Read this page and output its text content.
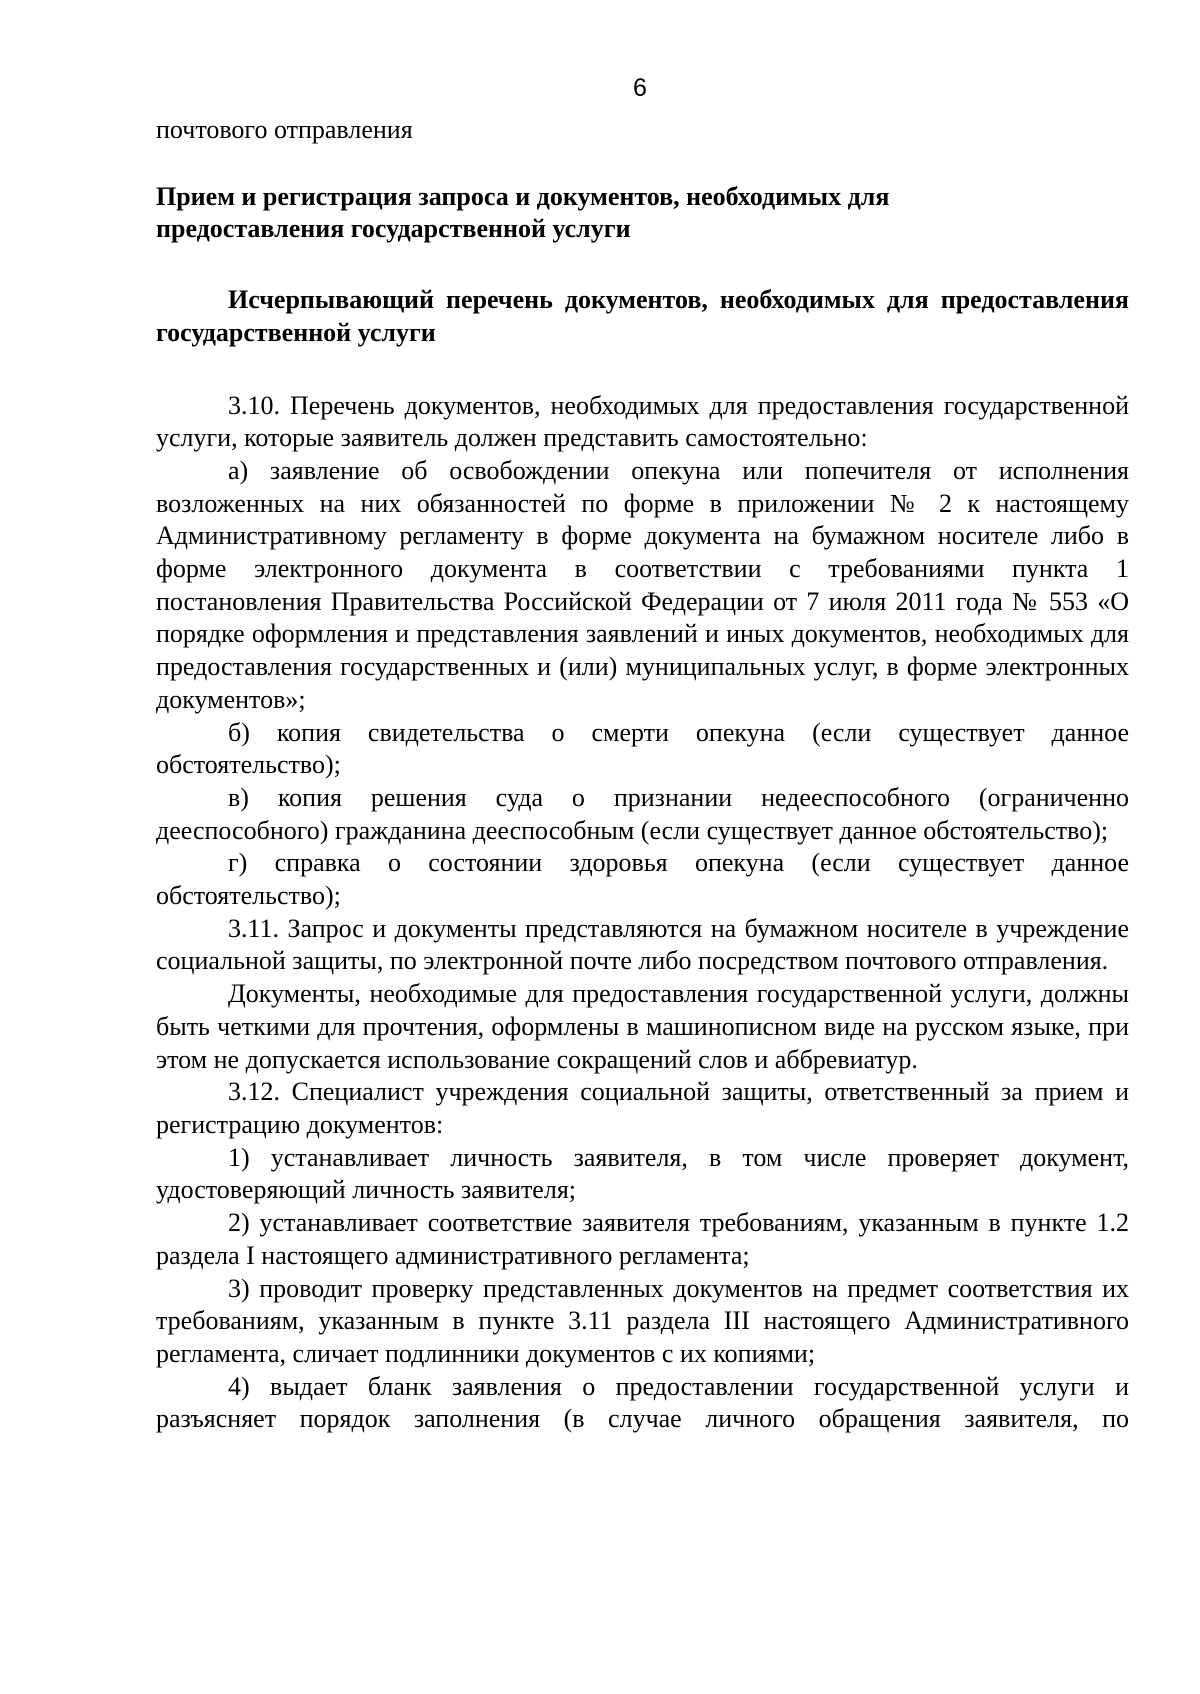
6

почтового отправления

Прием и регистрация запроса и документов, необходимых для

предоставления государственной услуги

Исчерпывающий перечень документов, необходимых для предоставления государственной услуги

3.10. Перечень документов, необходимых для предоставления государственной услуги, которые заявитель должен представить самостоятельно:

а) заявление об освобождении опекуна или попечителя от исполнения возложенных на них обязанностей по форме в приложении № 2 к настоящему Административному регламенту в форме документа на бумажном носителе либо в форме электронного документа в соответствии с требованиями пункта 1 постановления Правительства Российской Федерации от 7 июля 2011 года № 553 «О порядке оформления и представления заявлений и иных документов, необходимых для предоставления государственных и (или) муниципальных услуг, в форме электронных документов»;

б) копия свидетельства о смерти опекуна (если существует данное обстоятельство);

в) копия решения суда о признании недееспособного (ограниченно дееспособного) гражданина дееспособным (если существует данное обстоятельство);

г) справка о состоянии здоровья опекуна (если существует данное обстоятельство);

3.11. Запрос и документы представляются на бумажном носителе в учреждение социальной защиты, по электронной почте либо посредством почтового отправления.

Документы, необходимые для предоставления государственной услуги, должны быть четкими для прочтения, оформлены в машинописном виде на русском языке, при этом не допускается использование сокращений слов и аббревиатур.

3.12. Специалист учреждения социальной защиты, ответственный за прием и регистрацию документов:

1) устанавливает личность заявителя, в том числе проверяет документ, удостоверяющий личность заявителя;

2) устанавливает соответствие заявителя требованиям, указанным в пункте 1.2 раздела I настоящего административного регламента;

3) проводит проверку представленных документов на предмет соответствия их требованиям, указанным в пункте 3.11 раздела III настоящего Административного регламента, сличает подлинники документов с их копиями;

4) выдает бланк заявления о предоставлении государственной услуги и разъясняет порядок заполнения (в случае личного обращения заявителя, по
